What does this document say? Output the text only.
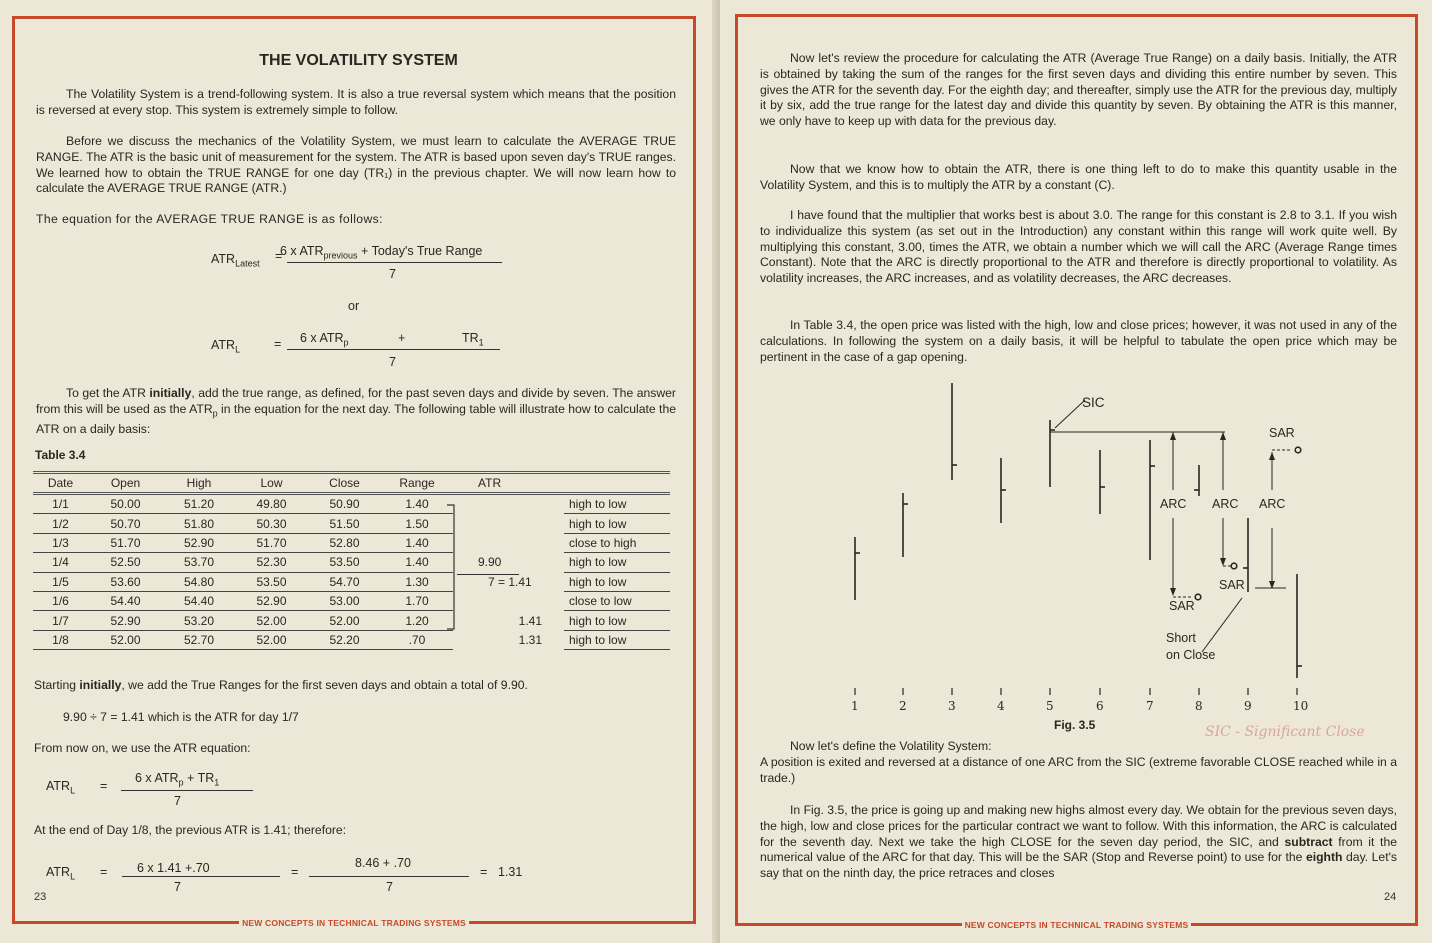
NEW CONCEPTS IN TECHNICAL TRADING SYSTEMS
THE VOLATILITY SYSTEM

The Volatility System is a trend-following system. It is also a true reversal system which means that the position is reversed at every stop. This system is extremely simple to follow.

Before we discuss the mechanics of the Volatility System, we must learn to calculate the AVERAGE TRUE RANGE. The ATR is the basic unit of measurement for the system. The ATR is based upon seven day's TRUE ranges. We learned how to obtain the TRUE RANGE for one day (TR₁) in the previous chapter. We will now learn how to calculate the AVERAGE TRUE RANGE (ATR.)

The equation for the AVERAGE TRUE RANGE is as follows:

$ATR_{Latest}$
=
6 x $ATR_{previous}$ + Today's True Range
7
or
$ATR_L$	= 6 x $ATR_p$	+	$TR_1$
7

To get the ATR initially, add the true range, as defined, for the past seven days and divide by seven. The answer from this will be used as the $ATR_p$ in the equation for the next day. The following table will illustrate how to calculate the ATR on a daily basis:

Table 3.4
Date	Open	High	Low	Close	Range	ATR	
1/1	50.00	51.20	49.80	50.90	1.40		high to low
1/2	50.70	51.80	50.30	51.50	1.50		high to low
1/3	51.70	52.90	51.70	52.80	1.40		close to high
1/4	52.50	53.70	52.30	53.50	1.40	9.90	high to low
1/5	53.60	54.80	53.50	54.70	1.30	7 = 1.41	high to low
1/6	54.40	54.40	52.90	53.00	1.70		close to low
1/7	52.90	53.20	52.00	52.00	1.20	1.41	high to low
1/8	52.00	52.70	52.00	52.20	.70	1.31	high to low

Starting initially, we add the True Ranges for the first seven days and obtain a total of 9.90.

9.90 ÷ 7 = 1.41 which is the ATR for day 1/7

From now on, we use the ATR equation:

$ATR_L$ =
6 x $ATR_p + TR_1$
7

At the end of Day 1/8, the previous ATR is 1.41; therefore:

$ATR_L = 6$ x 1.41 +.70
7
=
8.46 + .70
7
= 1.31
23
NEW CONCEPTS IN TECHNICAL TRADING SYSTEMS

Now let's review the procedure for calculating the ATR (Average True Range) on a daily basis. Initially, the ATR is obtained by taking the sum of the ranges for the first seven days and dividing this entire number by seven. This gives the ATR for the seventh day. For the eighth day; and thereafter, simply use the ATR for the previous day, multiply it by six, add the true range for the latest day and divide this quantity by seven. By obtaining the ATR is this manner, we only have to keep up with data for the previous day.

Now that we know how to obtain the ATR, there is one thing left to do to make this quantity usable in the Volatility System, and this is to multiply the ATR by a constant (C).

I have found that the multiplier that works best is about 3.0. The range for this constant is 2.8 to 3.1. If you wish to individualize this system (as set out in the Introduction) any constant within this range will work quite well. By multiplying this constant, 3.00, times the ATR, we obtain a number which we will call the ARC (Average Range times Constant). Note that the ARC is directly proportional to the ATR and therefore is directly proportional to volatility. As volatility increases, the ARC increases, and as volatility decreases, the ARC decreases.

In Table 3.4, the open price was listed with the high, low and close prices; however, it was not used in any of the calculations. In following the system on a daily basis, it will be helpful to tabulate the open price which may be pertinent in the case of a gap opening.

SIC
SAR
ARC ARC ARC
SAR
SAR
Short
on Close
1	2	3	4	5	6	7	8	9	10
Fig. 3.5	SIC - Significant Close

Now let's define the Volatility System:

A position is exited and reversed at a distance of one ARC from the SIC (extreme favorable CLOSE reached while in a trade.)

In Fig. 3.5, the price is going up and making new highs almost every day. We obtain for the previous seven days, the high, low and close prices for the particular contract we want to follow. With this information, the ARC is calculated for the seventh day. Next we take the high CLOSE for the seven day period, the SIC, and subtract from it the numerical value of the ARC for that day. This will be the SAR (Stop and Reverse point) to use for the eighth day. Let's say that on the ninth day, the price retraces and closes

24
